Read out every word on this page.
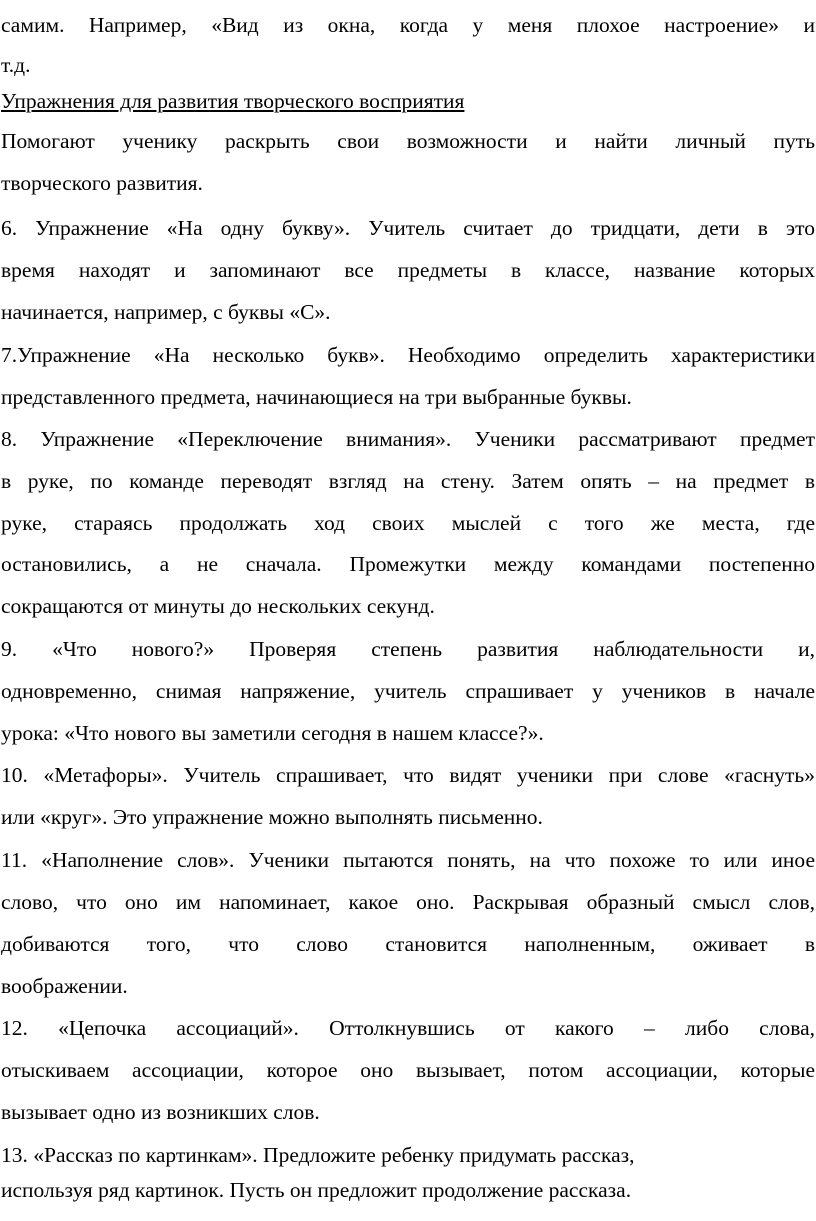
самим. Например, «Вид из окна, когда у меня плохое настроение» и
т.д.
Упражнения для развития творческого восприятия
Помогают ученику раскрыть свои возможности и найти личный путь
творческого развития.
6. Упражнение «На одну букву». Учитель считает до тридцати, дети в это
время находят и запоминают все предметы в классе, название которых
начинается, например, с буквы «С».
7.Упражнение «На несколько букв». Необходимо определить характеристики
представленного предмета, начинающиеся на три выбранные буквы.
8. Упражнение «Переключение внимания». Ученики рассматривают предмет
в руке, по команде переводят взгляд на стену. Затем опять – на предмет в
руке, стараясь продолжать ход своих мыслей с того же места, где
остановились, а не сначала. Промежутки между командами постепенно
сокращаются от минуты до нескольких секунд.
9. «Что нового?» Проверяя степень развития наблюдательности и,
одновременно, снимая напряжение, учитель спрашивает у учеников в начале
урока: «Что нового вы заметили сегодня в нашем классе?».
10. «Метафоры». Учитель спрашивает, что видят ученики при слове «гаснуть»
или «круг». Это упражнение можно выполнять письменно.
11. «Наполнение слов». Ученики пытаются понять, на что похоже то или иное
слово, что оно им напоминает, какое оно. Раскрывая образный смысл слов,
добиваются того, что слово становится наполненным, оживает в
воображении.
12. «Цепочка ассоциаций». Оттолкнувшись от какого – либо слова,
отыскиваем ассоциации, которое оно вызывает, потом ассоциации, которые
вызывает одно из возникших слов.
13. «Рассказ по картинкам». Предложите ребенку придумать рассказ,
используя ряд картинок. Пусть он предложит продолжение рассказа.
